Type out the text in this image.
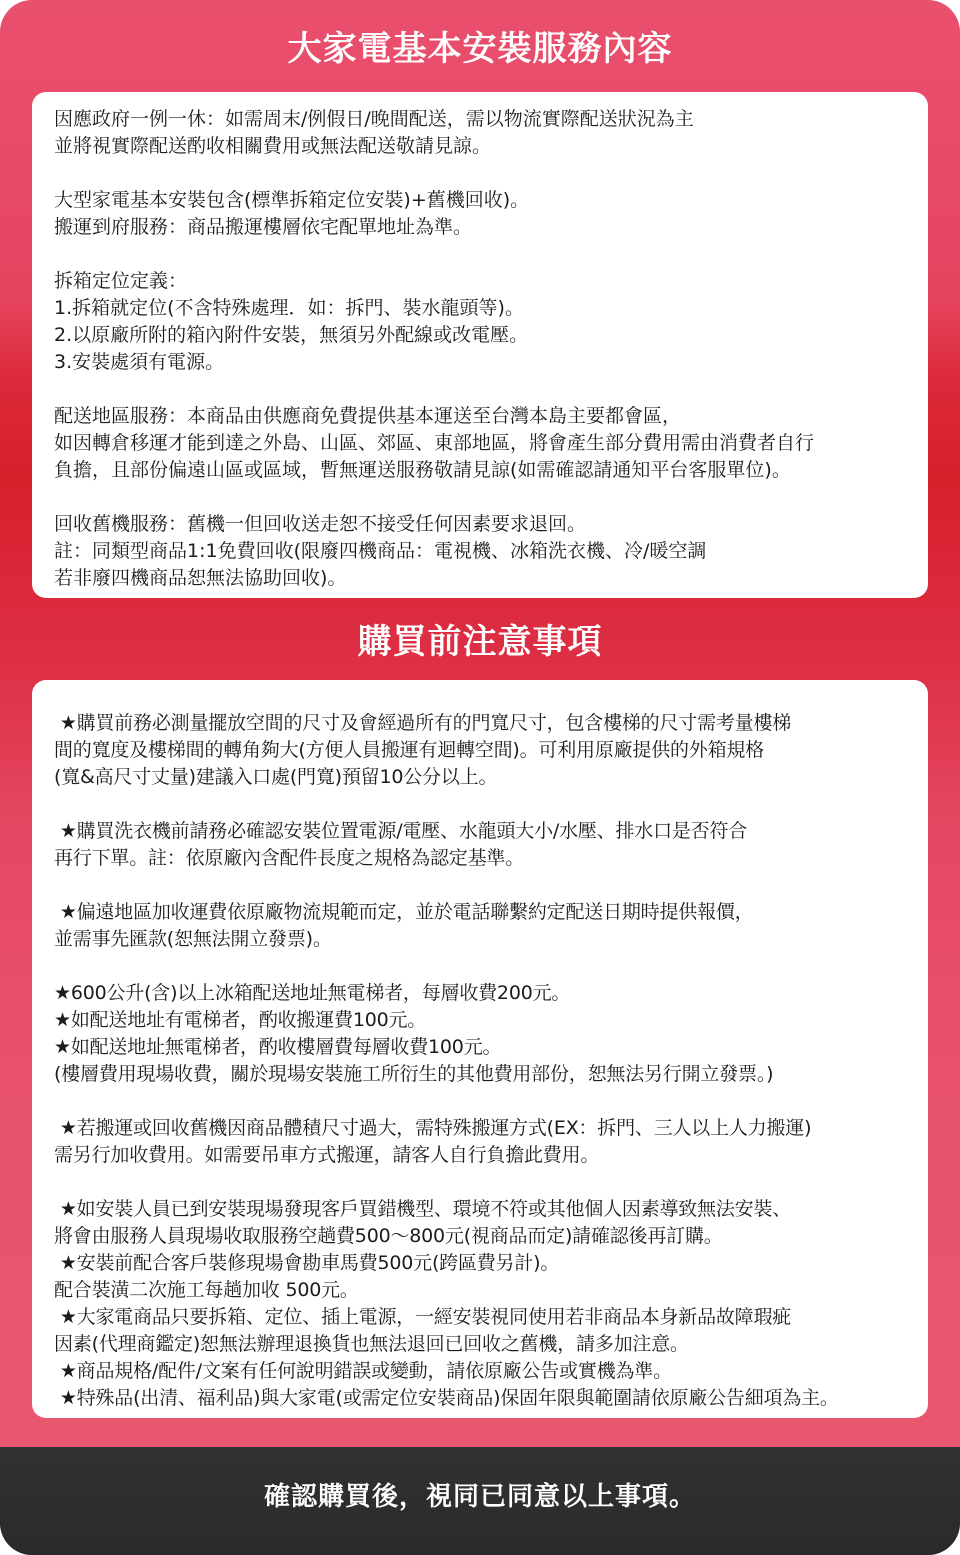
大家電基本安裝服務內容
因應政府一例一休：如需周末/例假日/晚間配送，需以物流實際配送狀況為主
並將視實際配送酌收相關費用或無法配送敬請見諒。
大型家電基本安裝包含(標準拆箱定位安裝)+舊機回收)。
搬運到府服務：商品搬運樓層依宅配單地址為準。
拆箱定位定義：
1.拆箱就定位(不含特殊處理．如：拆門、裝水龍頭等)。
2.以原廠所附的箱內附件安裝，無須另外配線或改電壓。
3.安裝處須有電源。
配送地區服務：本商品由供應商免費提供基本運送至台灣本島主要都會區，
如因轉倉移運才能到達之外島、山區、郊區、東部地區，將會產生部分費用需由消費者自行
負擔，且部份偏遠山區或區域，暫無運送服務敬請見諒(如需確認請通知平台客服單位)。
回收舊機服務：舊機一但回收送走恕不接受任何因素要求退回。
註：同類型商品1:1免費回收(限廢四機商品：電視機、冰箱洗衣機、冷/暖空調
若非廢四機商品恕無法協助回收)。
購買前注意事項
★購買前務必測量擺放空間的尺寸及會經過所有的門寬尺寸，包含樓梯的尺寸需考量樓梯
間的寬度及樓梯間的轉角夠大(方便人員搬運有迴轉空間)。可利用原廠提供的外箱規格
(寬&高尺寸丈量)建議入口處(門寬)預留10公分以上。
★購買洗衣機前請務必確認安裝位置電源/電壓、水龍頭大小/水壓、排水口是否符合
再行下單。註：依原廠內含配件長度之規格為認定基準。
★偏遠地區加收運費依原廠物流規範而定，並於電話聯繫約定配送日期時提供報價，
並需事先匯款(恕無法開立發票)。
★600公升(含)以上冰箱配送地址無電梯者，每層收費200元。
★如配送地址有電梯者，酌收搬運費100元。
★如配送地址無電梯者，酌收樓層費每層收費100元。
(樓層費用現場收費，關於現場安裝施工所衍生的其他費用部份，恕無法另行開立發票。)
★若搬運或回收舊機因商品體積尺寸過大，需特殊搬運方式(EX：拆門、三人以上人力搬運)
需另行加收費用。如需要吊車方式搬運，請客人自行負擔此費用。
★如安裝人員已到安裝現場發現客戶買錯機型、環境不符或其他個人因素導致無法安裝、
將會由服務人員現場收取服務空趟費500～800元(視商品而定)請確認後再訂購。
★安裝前配合客戶裝修現場會勘車馬費500元(跨區費另計)。
配合裝潢二次施工每趟加收 500元。
★大家電商品只要拆箱、定位、插上電源，一經安裝視同使用若非商品本身新品故障瑕疵
因素(代理商鑑定)恕無法辦理退換貨也無法退回已回收之舊機，請多加注意。
★商品規格/配件/文案有任何說明錯誤或變動，請依原廠公告或實機為準。
★特殊品(出清、福利品)與大家電(或需定位安裝商品)保固年限與範圍請依原廠公告細項為主。
確認購買後，視同已同意以上事項。
